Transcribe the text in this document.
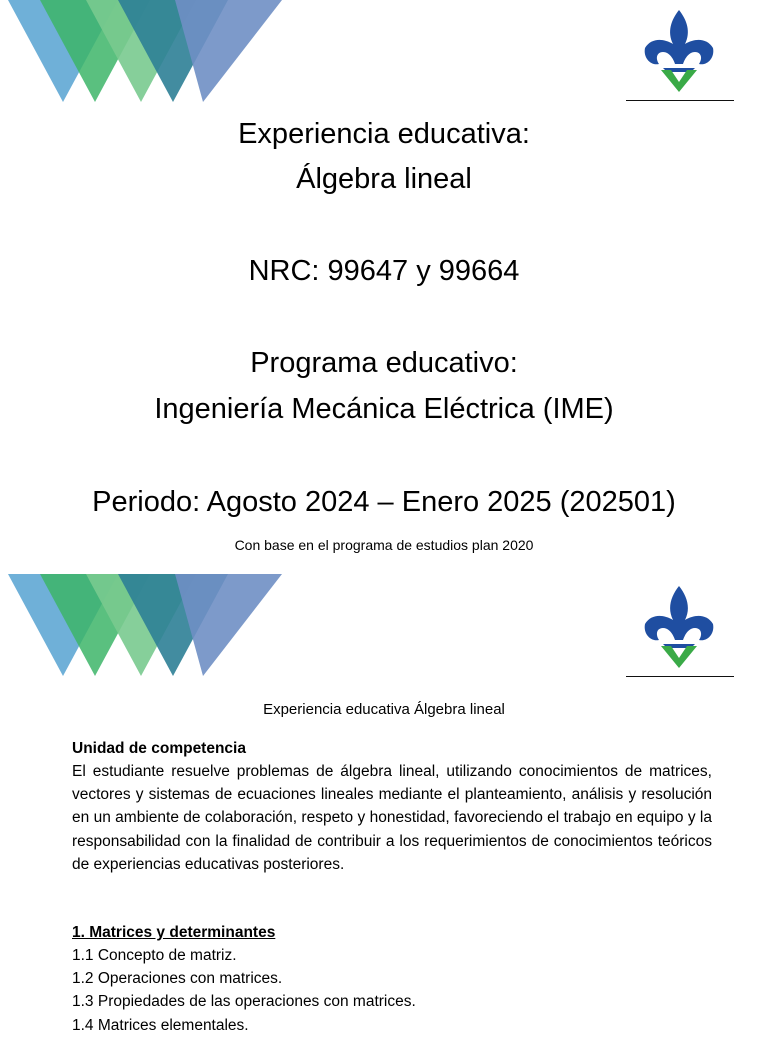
Experiencia educativa:
Álgebra lineal
NRC: 99647 y 99664
Programa educativo:
Ingeniería Mecánica Eléctrica (IME)
Periodo: Agosto 2024 – Enero 2025 (202501)
Con base en el programa de estudios plan 2020
Experiencia educativa Álgebra lineal
Unidad de competencia
El estudiante resuelve problemas de álgebra lineal, utilizando conocimientos de matrices, vectores y sistemas de ecuaciones lineales mediante el planteamiento, análisis y resolución en un ambiente de colaboración, respeto y honestidad, favoreciendo el trabajo en equipo y la responsabilidad con la finalidad de contribuir a los requerimientos de conocimientos teóricos de experiencias educativas posteriores.
1. Matrices y determinantes
1.1 Concepto de matriz.
1.2 Operaciones con matrices.
1.3 Propiedades de las operaciones con matrices.
1.4 Matrices elementales.
